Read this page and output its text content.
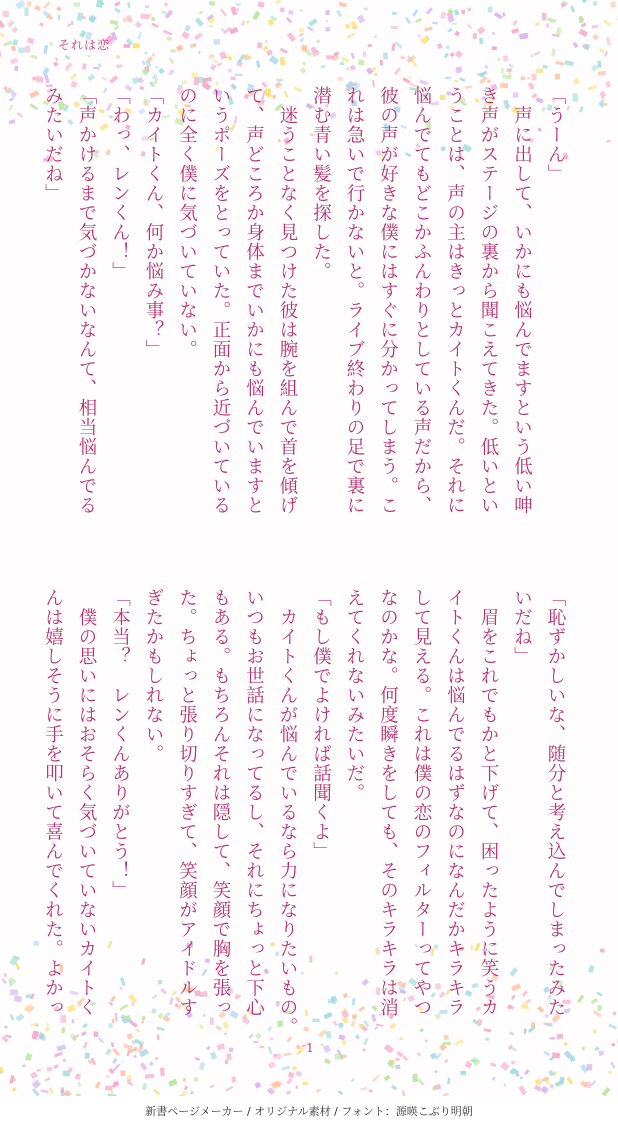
それは恋

「うーん」

　声に出して、いかにも悩んでますという低い呻

き声がステージの裏から聞こえてきた。低いとい

うことは、声の主はきっとカイトくんだ。それに

悩んでてもどこかふんわりとしている声だから、

彼の声が好きな僕にはすぐに分かってしまう。こ

れは急いで行かないと。ライブ終わりの足で裏に

潜む青い髪を探した。

　迷うことなく見つけた彼は腕を組んで首を傾げ

て、声どころか身体までいかにも悩んでいますと

いうポーズをとっていた。正面から近づいている

のに全く僕に気づいていない。

「カイトくん、何か悩み事？」

「わっ、レンくん！」

「声かけるまで気づかないなんて、相当悩んでる

みたいだね」

「恥ずかしいな、随分と考え込んでしまったみた

いだね」

　眉をこれでもかと下げて、困ったように笑うカ

イトくんは悩んでるはずなのになんだかキラキラ

して見える。これは僕の恋のフィルターってやつ

なのかな。何度瞬きをしても、そのキラキラは消

えてくれないみたいだ。

「もし僕でよければ話聞くよ」

　カイトくんが悩んでいるなら力になりたいもの。

いつもお世話になってるし、それにちょっと下心

もある。もちろんそれは隠して、笑顔で胸を張っ

た。ちょっと張り切りすぎて、笑顔がアイドルす

ぎたかもしれない。

「本当？　レンくんありがとう！」

　僕の思いにはおそらく気づいていないカイトく

んは嬉しそうに手を叩いて喜んでくれた。よかっ

1
新書ページメーカー / オリジナル素材 / フォント：源暎こぶり明朝
